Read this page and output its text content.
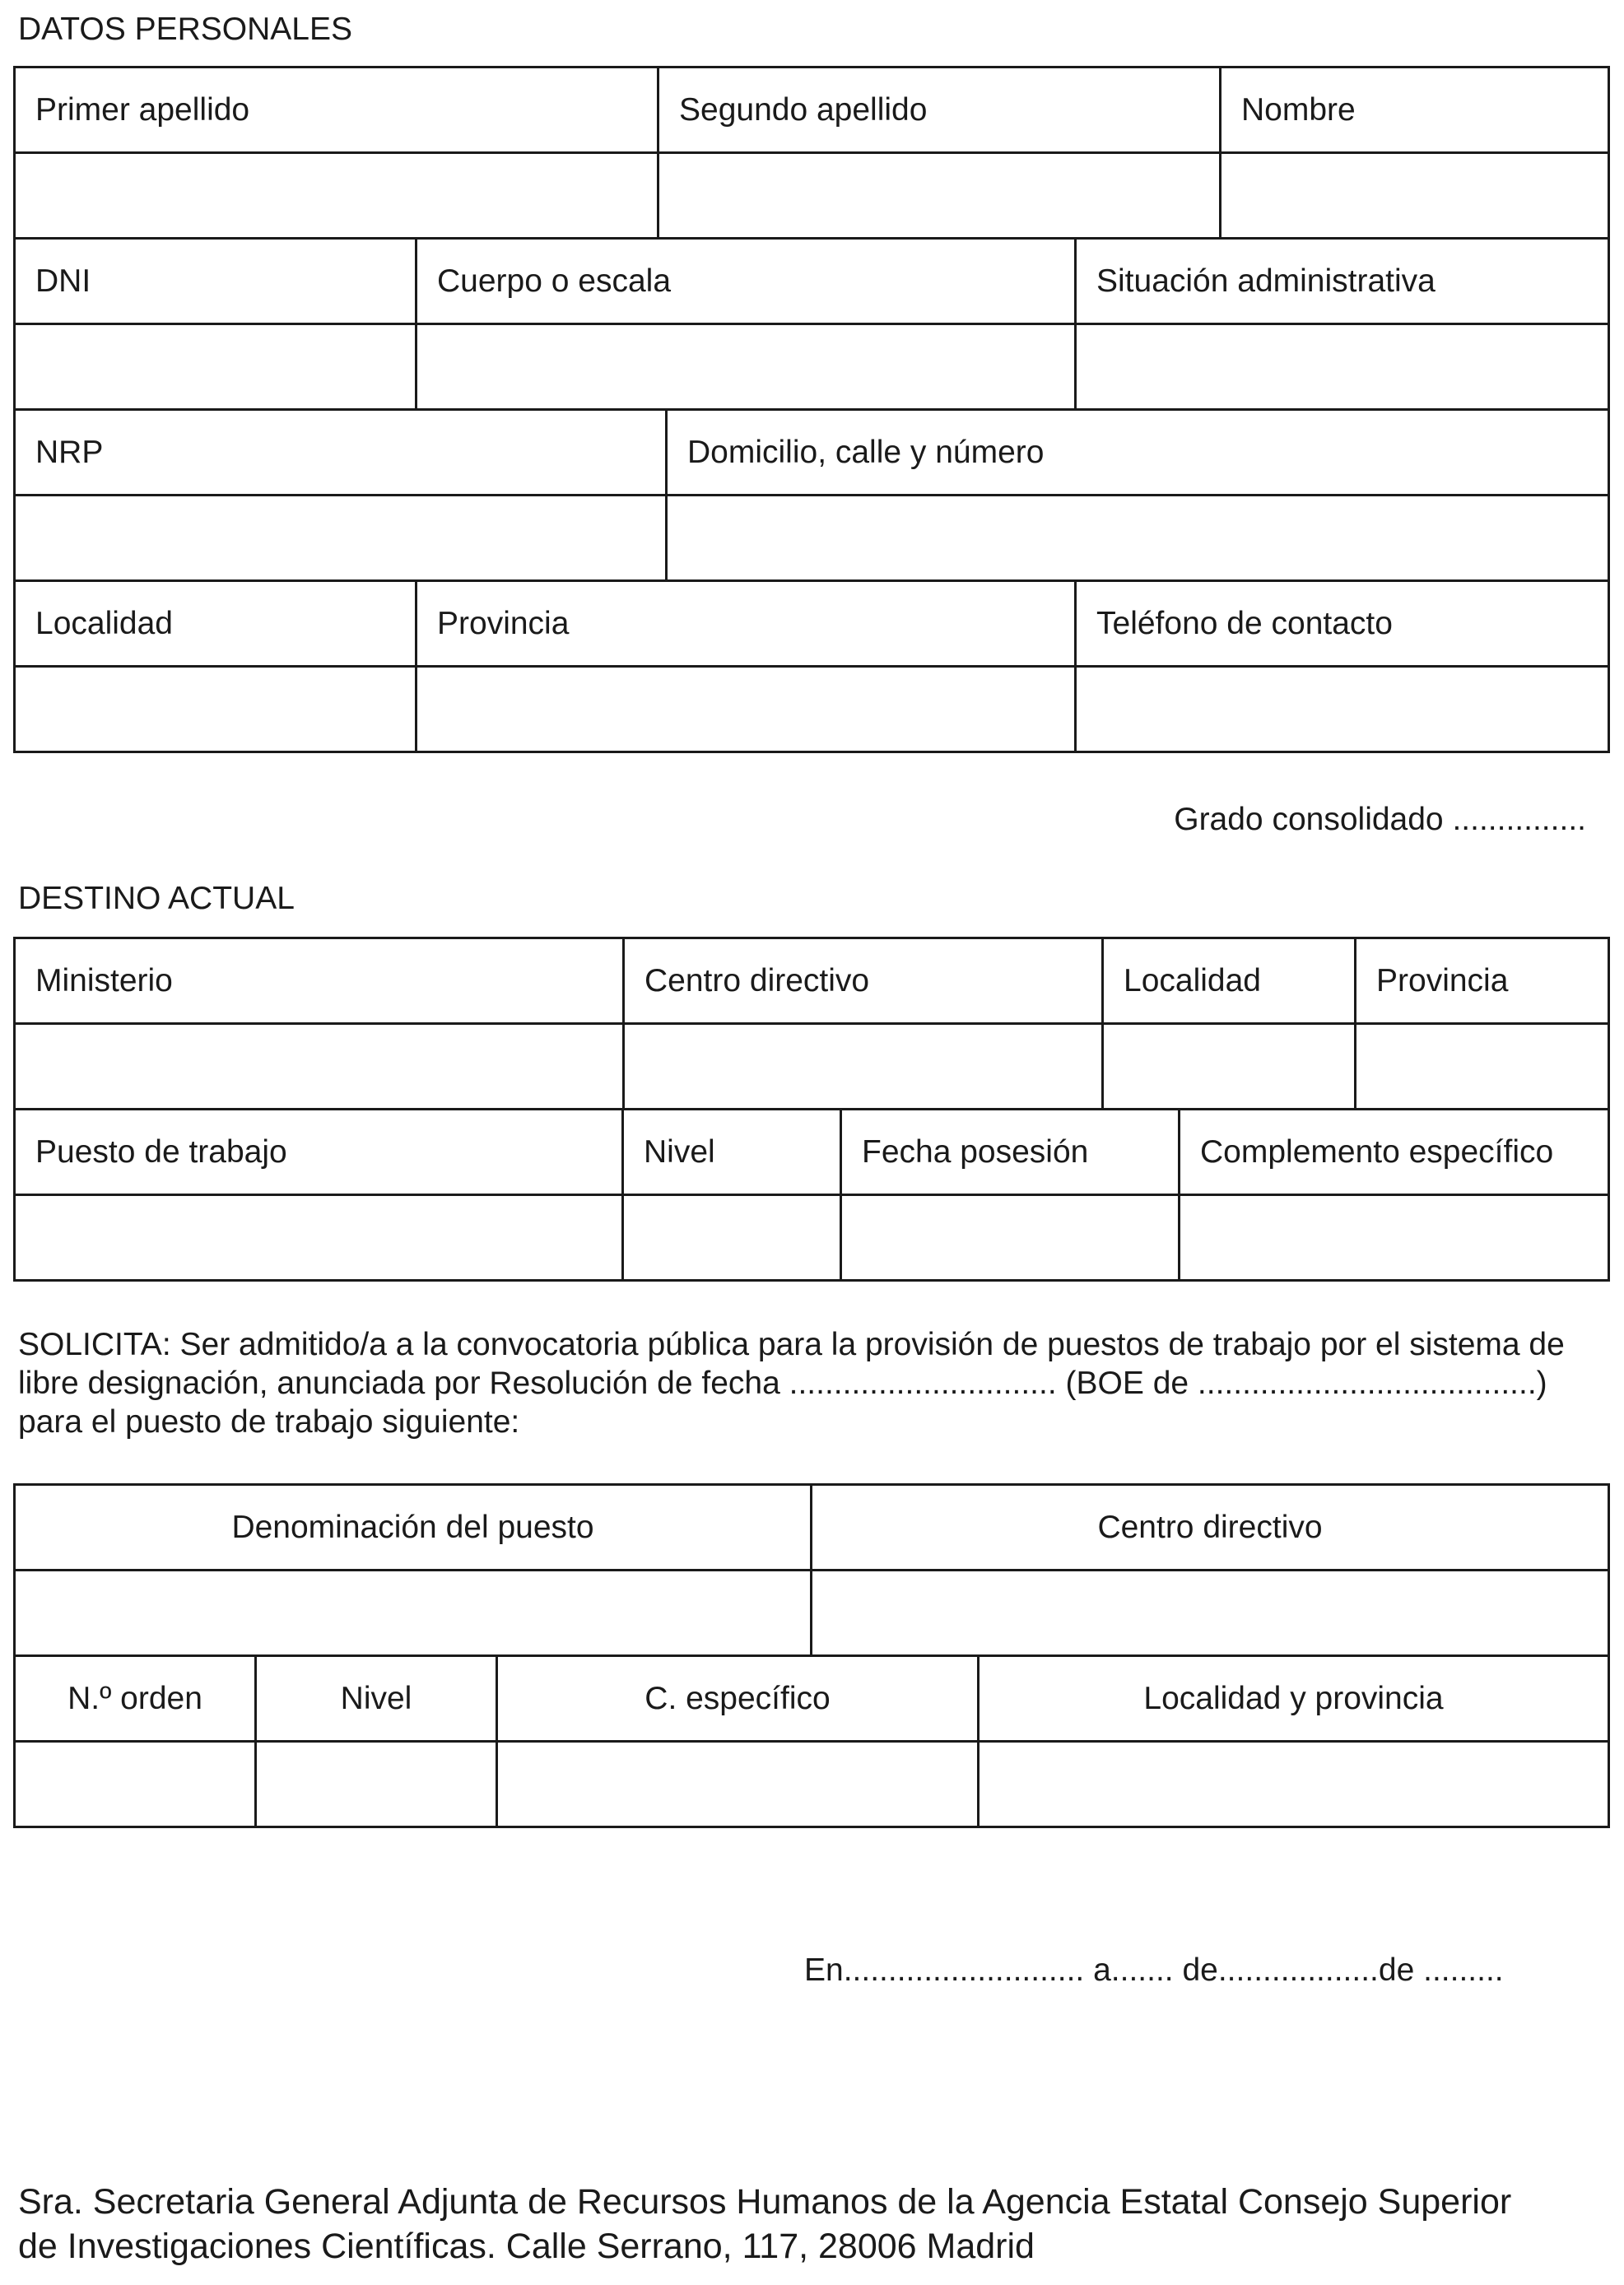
DATOS PERSONALES
Primer apellido	Segundo apellido	Nombre

DNI	Cuerpo o escala	Situación administrativa

NRP	Domicilio, calle y número

Localidad	Provincia	Teléfono de contacto

Grado consolidado ...............
DESTINO ACTUAL
Ministerio	Centro directivo	Localidad	Provincia

Puesto de trabajo	Nivel	Fecha posesión	Complemento específico

SOLICITA: Ser admitido/a a la convocatoria pública para la provisión de puestos de trabajo por el sistema de
libre designación, anunciada por Resolución de fecha .............................. (BOE de ......................................)
para el puesto de trabajo siguiente:
Denominación del puesto	Centro directivo

N.º orden	Nivel	C. específico	Localidad y provincia

En........................... a....... de..................de .........
Sra. Secretaria General Adjunta de Recursos Humanos de la Agencia Estatal Consejo Superior
de Investigaciones Científicas. Calle Serrano, 117, 28006 Madrid
